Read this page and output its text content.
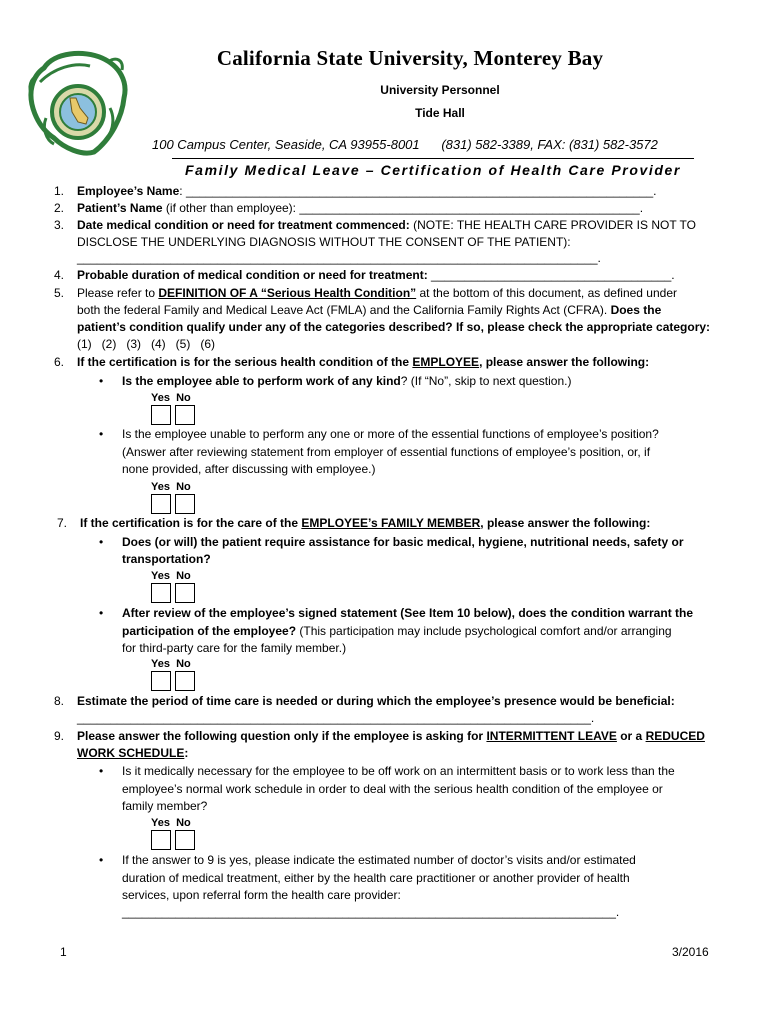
California State University, Monterey Bay
University Personnel
Tide Hall
100 Campus Center, Seaside, CA 93955-8001 (831) 582-3389, FAX: (831) 582-3572
Family Medical Leave – Certification of Health Care Provider
1. Employee’s Name: ______________________________________________________________________.
2. Patient’s Name (if other than employee): ___________________________________________________.
3. Date medical condition or need for treatment commenced: (NOTE: THE HEALTH CARE PROVIDER IS NOT TO
DISCLOSE THE UNDERLYING DIAGNOSIS WITHOUT THE CONSENT OF THE PATIENT):
______________________________________________________________________________.
4. Probable duration of medical condition or need for treatment: ____________________________________.
5. Please refer to DEFINITION OF A “Serious Health Condition” at the bottom of this document, as defined under
both the federal Family and Medical Leave Act (FMLA) and the California Family Rights Act (CFRA). Does the
patient’s condition qualify under any of the categories described? If so, please check the appropriate category:
(1)   (2)   (3)   (4)   (5)   (6)
6. If the certification is for the serious health condition of the EMPLOYEE, please answer the following:
• Is the employee able to perform work of any kind? (If “No”, skip to next question.)
Yes  No
• Is the employee unable to perform any one or more of the essential functions of employee’s position?
(Answer after reviewing statement from employer of essential functions of employee’s position, or, if
none provided, after discussing with employee.)
Yes  No
7. If the certification is for the care of the EMPLOYEE’s FAMILY MEMBER, please answer the following:
• Does (or will) the patient require assistance for basic medical, hygiene, nutritional needs, safety or
transportation?
Yes  No
• After review of the employee’s signed statement (See Item 10 below), does the condition warrant the
participation of the employee? (This participation may include psychological comfort and/or arranging
for third-party care for the family member.)
Yes  No
8. Estimate the period of time care is needed or during which the employee’s presence would be beneficial:
_____________________________________________________________________________.
9. Please answer the following question only if the employee is asking for INTERMITTENT LEAVE or a REDUCED
WORK SCHEDULE:
• Is it medically necessary for the employee to be off work on an intermittent basis or to work less than the
employee’s normal work schedule in order to deal with the serious health condition of the employee or
family member?
Yes  No
• If the answer to 9 is yes, please indicate the estimated number of doctor’s visits and/or estimated
duration of medical treatment, either by the health care practitioner or another provider of health
services, upon referral form the health care provider:
__________________________________________________________________________.
1	3/2016
